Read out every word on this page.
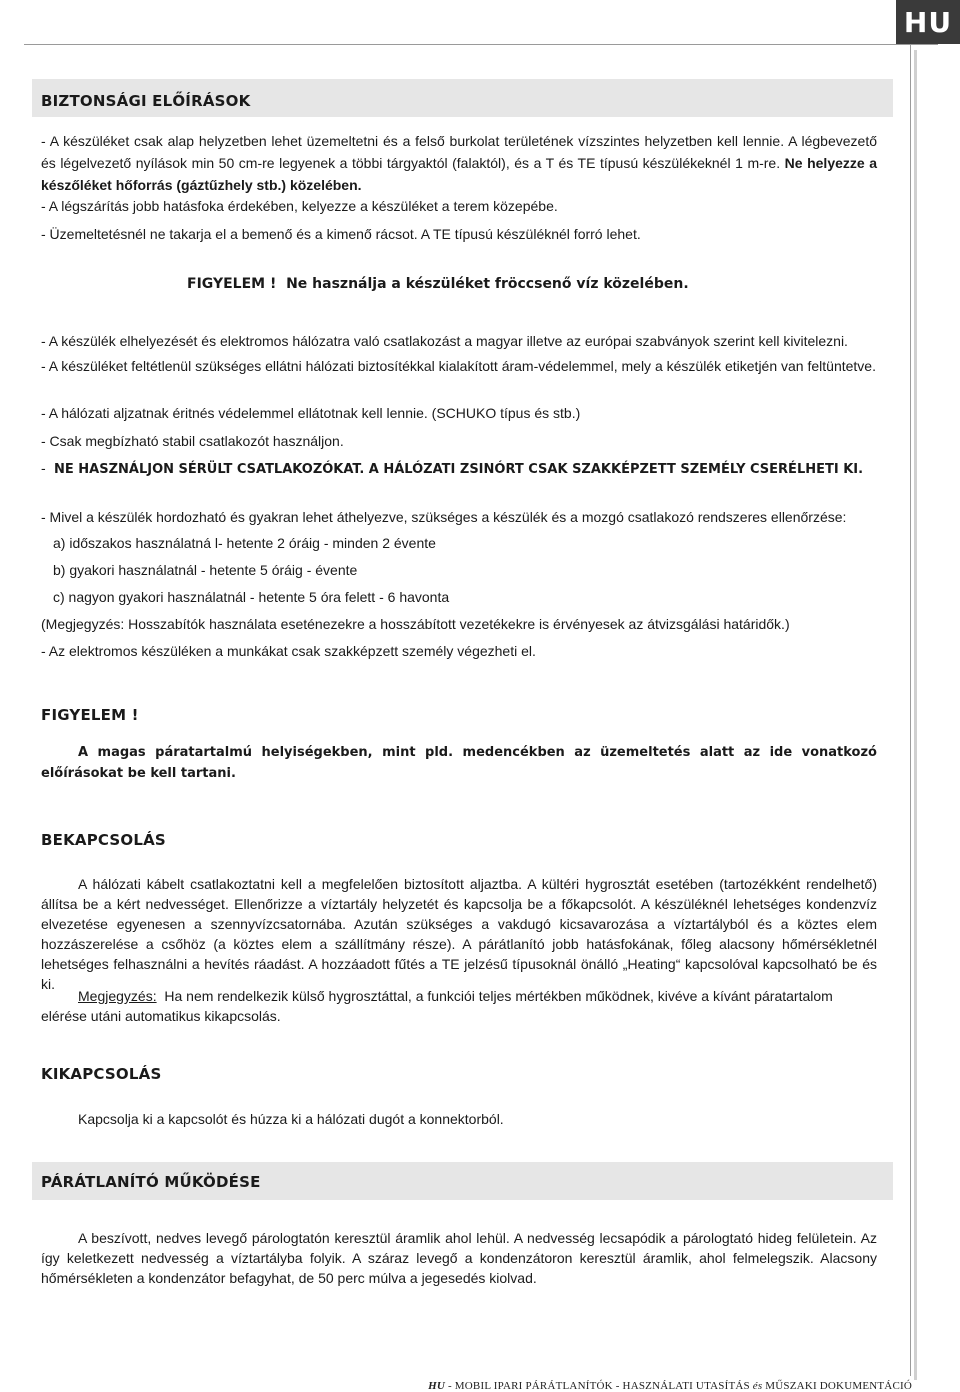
HU
BIZTONSÁGI ELŐÍRÁSOK
- A készüléket csak alap helyzetben lehet üzemeltetni és a felső burkolat területének vízszintes helyzetben kell lennie. A légbevezető és légelvezető nyílások min 50 cm-re legyenek a többi tárgyaktól (falaktól), és a T és TE típusú készülékeknél 1 m-re. Ne helyezze a készőléket hőforrás (gáztűzhely stb.) közelében.
- A légszárítás jobb hatásfoka érdekében, kelyezze a készüléket a terem közepébe.
- Üzemeltetésnél ne takarja el a bemenő és a kimenő rácsot. A TE típusú készüléknél forró lehet.
FIGYELEM ! Ne használja a készüléket fröccsenő víz közelében.
- A készülék elhelyezését és elektromos hálózatra való csatlakozást a magyar illetve az európai szabványok szerint kell kivitelezni.
- A készüléket feltétlenül szükséges ellátni hálózati biztosítékkal kialakított áram-védelemmel, mely a készülék etiketjén van feltüntetve.
- A hálózati aljzatnak éritnés védelemmel ellátotnak kell lennie. (SCHUKO típus és stb.)
- Csak megbízható stabil csatlakozót használjon.
- NE HASZNÁLJON SÉRÜLT CSATLAKOZÓKAT. A HÁLÓZATI ZSINÓRT CSAK SZAKKÉPZETT SZEMÉLY CSERÉLHETI KI.
- Mivel a készülék hordozható és gyakran lehet áthelyezve, szükséges a készülék és a mozgó csatlakozó rendszeres ellenőrzése:
a) időszakos használatná l- hetente 2 óráig - minden 2 évente
b) gyakori használatnál - hetente 5 óráig - évente
c) nagyon gyakori használatnál - hetente 5 óra felett - 6 havonta
(Megjegyzés: Hosszabítók használata eseténezekre a hosszábított vezetékekre is érvényesek az átvizsgálási határidők.)
- Az elektromos készüléken a munkákat csak szakképzett személy végezheti el.
FIGYELEM !
A magas páratartalmú helyiségekben, mint pld. medencékben az üzemeltetés alatt az ide vonatkozó előírásokat be kell tartani.
BEKAPCSOLÁS
A hálózati kábelt csatlakoztatni kell a megfelelően biztosított aljaztba. A kültéri hygrosztát esetében (tartozékként rendelhető) állítsa be a kért nedvességet. Ellenőrizze a víztartály helyzetét és kapcsolja be a főkapcsolót. A készüléknél lehetséges kondenzvíz elvezetése egyenesen a szennyvízcsatornába. Azután szükséges a vakdugó kicsavarozása a víztartályból és a köztes elem hozzászerelése a csőhöz (a köztes elem a szállítmány része). A párátlanító jobb hatásfokának, főleg alacsony hőmérsékletnél lehetséges felhasználni a hevítés ráadást. A hozzáadott fűtés a TE jelzésű típusoknál önálló „Heating“ kapcsolóval kapcsolható be és ki.
Megjegyzés: Ha nem rendelkezik külső hygrosztáttal, a funkciói teljes mértékben működnek, kivéve a kívánt páratartalom elérése utáni automatikus kikapcsolás.
KIKAPCSOLÁS
Kapcsolja ki a kapcsolót és húzza ki a hálózati dugót a konnektorból.
PÁRÁTLANÍTÓ MŰKÖDÉSE
A beszívott, nedves levegő párologtatón keresztül áramlik ahol lehül. A nedvesség lecsapódik a párologtató hideg felületein. Az így keletkezett nedvesség a víztartályba folyik. A száraz levegő a kondenzátoron keresztül áramlik, ahol felmelegszik. Alacsony hőmérsékleten a kondenzátor befagyhat, de 50 perc múlva a jegesedés kiolvad.
HU - MOBIL IPARI PÁRÁTLANÍTÓK - HASZNÁLATI UTASÍTÁS és MŰSZAKI DOKUMENTÁCIÓ
